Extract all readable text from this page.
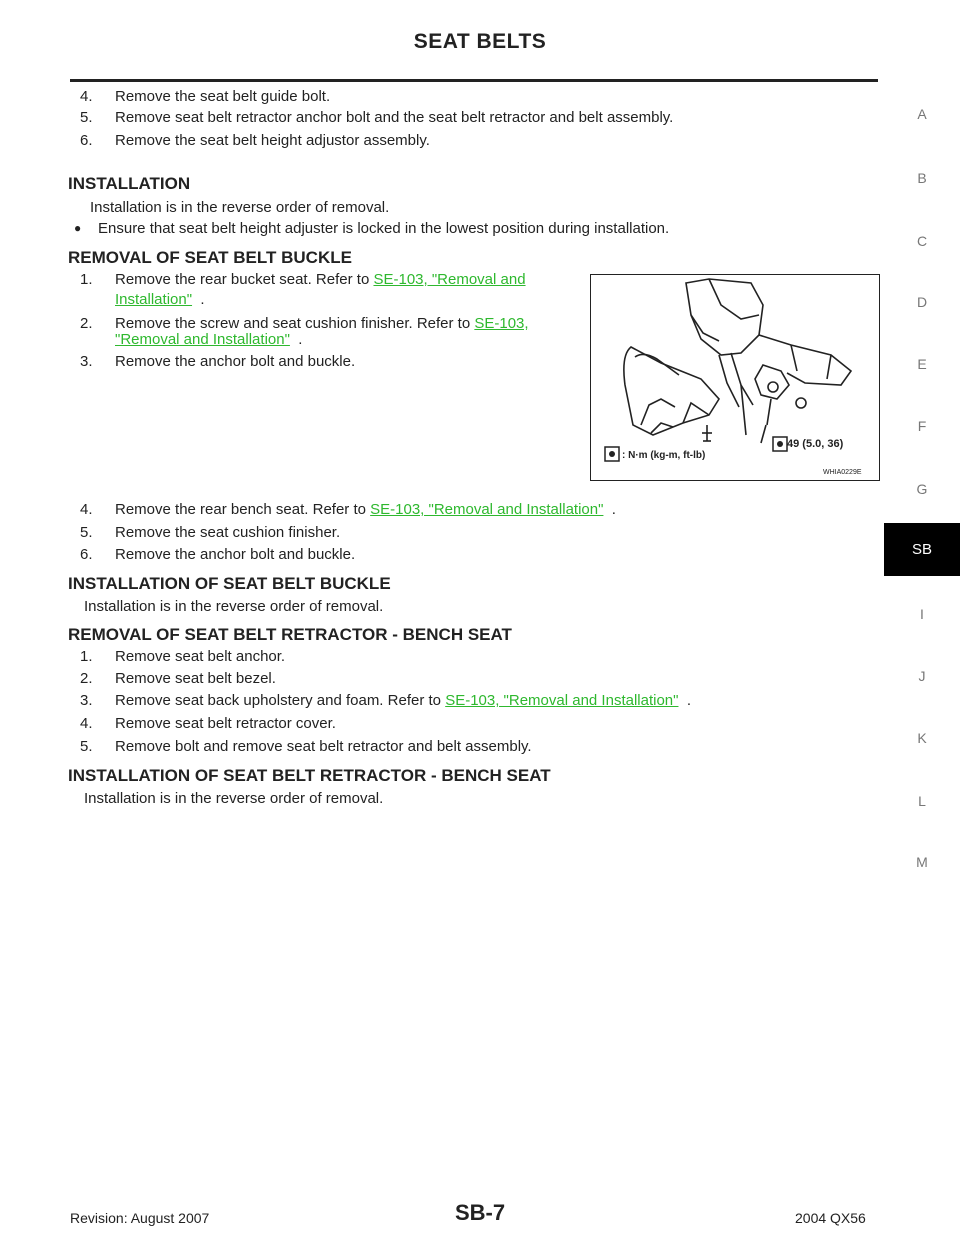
SEAT BELTS
4. Remove the seat belt guide bolt.
5. Remove seat belt retractor anchor bolt and the seat belt retractor and belt assembly.
6. Remove the seat belt height adjustor assembly.
INSTALLATION
Installation is in the reverse order of removal.
● Ensure that seat belt height adjuster is locked in the lowest position during installation.
REMOVAL OF SEAT BELT BUCKLE
1. Remove the rear bucket seat. Refer to SE-103, "Removal and
Installation" .
2. Remove the screw and seat cushion finisher. Refer to SE-103,
"Removal and Installation" .
3. Remove the anchor bolt and buckle.
49 (5.0, 36)
: N·m (kg-m, ft-lb)
WHIA0229E
4. Remove the rear bench seat. Refer to SE-103, "Removal and Installation" .
5. Remove the seat cushion finisher.
6. Remove the anchor bolt and buckle.
INSTALLATION OF SEAT BELT BUCKLE
Installation is in the reverse order of removal.
REMOVAL OF SEAT BELT RETRACTOR - BENCH SEAT
1. Remove seat belt anchor.
2. Remove seat belt bezel.
3. Remove seat back upholstery and foam. Refer to SE-103, "Removal and Installation" .
4. Remove seat belt retractor cover.
5. Remove bolt and remove seat belt retractor and belt assembly.
INSTALLATION OF SEAT BELT RETRACTOR - BENCH SEAT
Installation is in the reverse order of removal.
A
B
C
D
E
F
G
SB
I
J
K
L
M
Revision: August 2007	SB-7	2004 QX56
